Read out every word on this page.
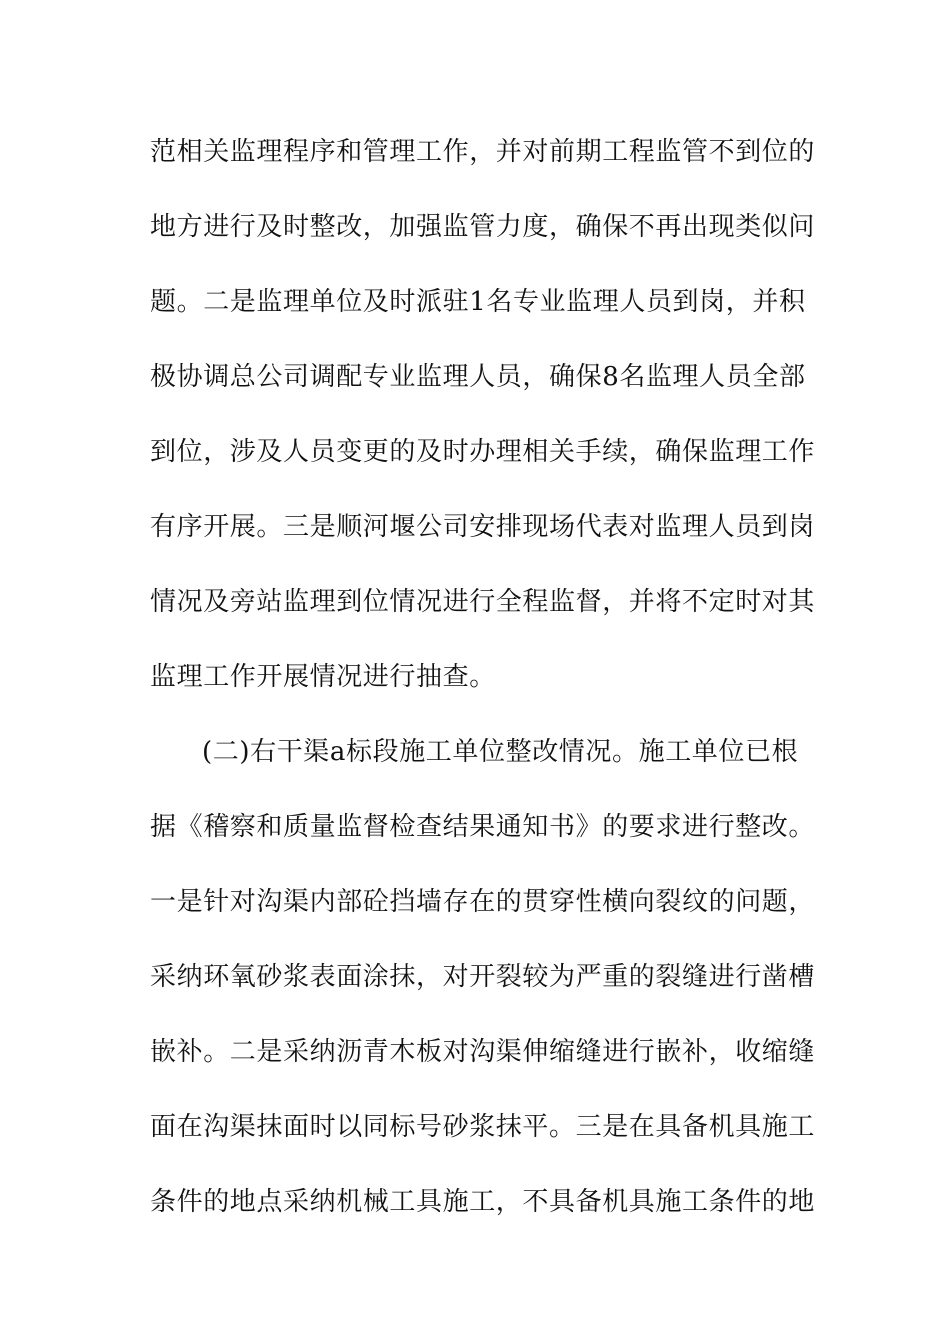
范相关监理程序和管理工作，并对前期工程监管不到位的
地方进行及时整改，加强监管力度，确保不再出现类似问
题。二是监理单位及时派驻1名专业监理人员到岗，并积
极协调总公司调配专业监理人员，确保8名监理人员全部
到位，涉及人员变更的及时办理相关手续，确保监理工作
有序开展。三是顺河堰公司安排现场代表对监理人员到岗
情况及旁站监理到位情况进行全程监督，并将不定时对其
监理工作开展情况进行抽查。
(二)右干渠a标段施工单位整改情况。施工单位已根
据《稽察和质量监督检查结果通知书》的要求进行整改。
一是针对沟渠内部砼挡墙存在的贯穿性横向裂纹的问题，
采纳环氧砂浆表面涂抹，对开裂较为严重的裂缝进行凿槽
嵌补。二是采纳沥青木板对沟渠伸缩缝进行嵌补，收缩缝
面在沟渠抹面时以同标号砂浆抹平。三是在具备机具施工
条件的地点采纳机械工具施工，不具备机具施工条件的地
